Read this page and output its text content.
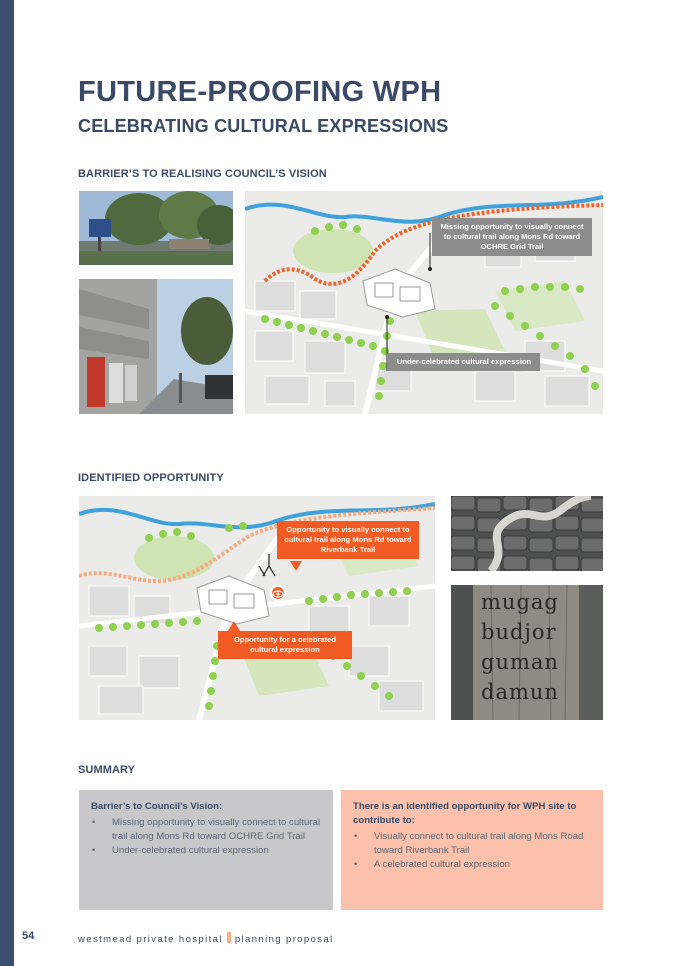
FUTURE-PROOFING WPH
CELEBRATING CULTURAL EXPRESSIONS
BARRIER’S TO REALISING COUNCIL’S VISION
Missing opportunity to visually connect to cultural trail along Mons Rd toward OCHRE Grid Trail
Under-celebrated cultural expression
IDENTIFIED OPPORTUNITY
Opportunity to visually connect to cultural trail along Mons Rd toward Riverbank Trail
Opportunity for a celebrated cultural expression
mugag
budjor
guman
damun
SUMMARY
Barrier’s to Council’s Vision:
• Missing opportunity to visually connect to cultural trail along Mons Rd toward OCHRE Grid Trail
• Under-celebrated cultural expression
There is an identified opportunity for WPH site to contribute to:
• Visually connect to cultural trail along Mons Road toward Riverbank Trail
• A celebrated cultural expression
54	westmead private hospital planning proposal
